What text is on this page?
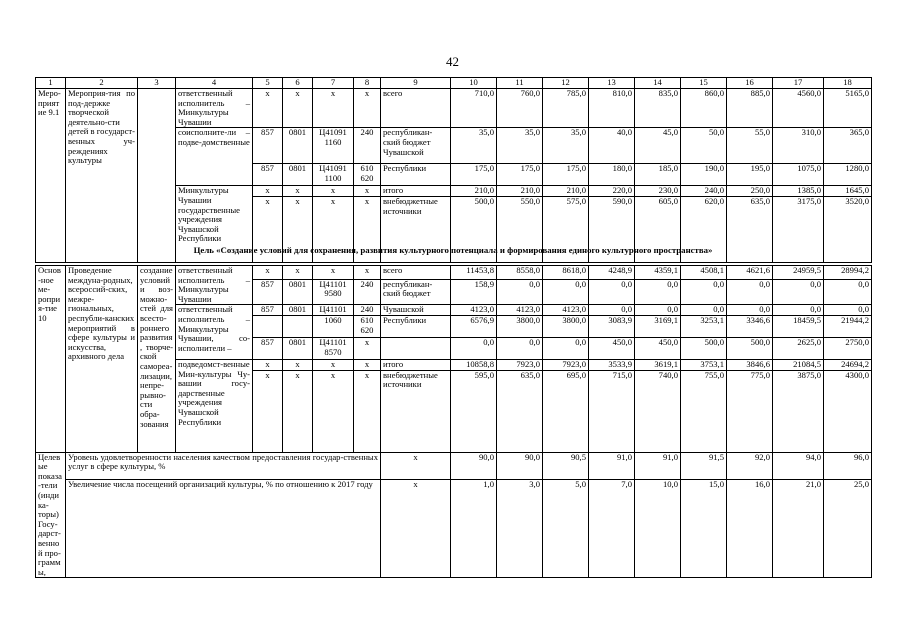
42
1	2	3	4	5	6	7	8	9	10	11	12	13	14	15	16	17	18
Меро-приятие 9.1	Мероприя-тия по под-держке творческой деятельно-сти детей в государст-венных уч-реждениях культуры		ответственный исполнитель – Минкультуры Чувашии	x	x	x	x	всего	710,0	760,0	785,0	810,0	835,0	860,0	885,0	4560,0	5165,0
			соисполните-ли – подве-домственные	857	0801	Ц41091 1160	240	республикан-ский бюджет Чувашской	35,0	35,0	35,0	40,0	45,0	50,0	55,0	310,0	365,0
				857	0801	Ц41091 1100	610 620	Республики	175,0	175,0	175,0	180,0	185,0	190,0	195,0	1075,0	1280,0
			Минкультуры Чувашии государственные учреждения Чувашской Республики	x	x	x	x	итого	210,0	210,0	210,0	220,0	230,0	240,0	250,0	1385,0	1645,0
				x	x	x	x	внебюджетные источники	500,0	550,0	575,0	590,0	605,0	620,0	635,0	3175,0	3520,0
Цель «Создание условий для сохранения, развития культурного потенциала и формирования единого культурного пространства»
Основ-ное ме-роприя-тие 10	Проведение междуна-родных, всероссий-ских, межре-гиональных, республи-канских мероприятий в сфере культуры и искусства, архивного дела	создание условий и воз-можно-стей для всесто-роннего развития, творче-ской самореа-лизации, непре-рывно-сти обра-зования	ответственный исполнитель – Минкультуры Чувашии	x	x	x	x	всего	11453,8	8558,0	8618,0	4248,9	4359,1	4508,1	4621,6	24959,5	28994,2
				857	0801	Ц41101 9580	240	республикан-ский бюджет	158,9	0,0	0,0	0,0	0,0	0,0	0,0	0,0	0,0
			ответственный исполнитель – Минкультуры Чувашии, со-исполнители –	857	0801	Ц41101	240	Чувашской	4123,0	4123,0	4123,0	0,0	0,0	0,0	0,0	0,0	0,0
						1060	610 620	Республики	6576,9	3800,0	3800,0	3083,9	3169,1	3253,1	3346,6	18459,5	21944,2
				857	0801	Ц41101 8570	x		0,0	0,0	0,0	450,0	450,0	500,0	500,0	2625,0	2750,0
			подведомст-венные Мин-культуры Чу-вашии госу-дарственные учреждения Чувашской Республики	x	x	x	x	итого	10858,8	7923,0	7923,0	3533,9	3619,1	3753,1	3846,6	21084,5	24694,2
				x	x	x	x	внебюджетные источники	595,0	635,0	695,0	715,0	740,0	755,0	775,0	3875,0	4300,0
Целевые показа-тели (индика-торы) Госу-дарст-венной про-граммы,	Уровень удовлетворенности населения качеством предоставления государ-ственных услуг в сфере культуры, %							x	90,0	90,0	90,5	91,0	91,0	91,5	92,0	94,0	96,0
	Увеличение числа посещений организаций культуры, % по отношению к 2017 году							x	1,0	3,0	5,0	7,0	10,0	15,0	16,0	21,0	25,0
